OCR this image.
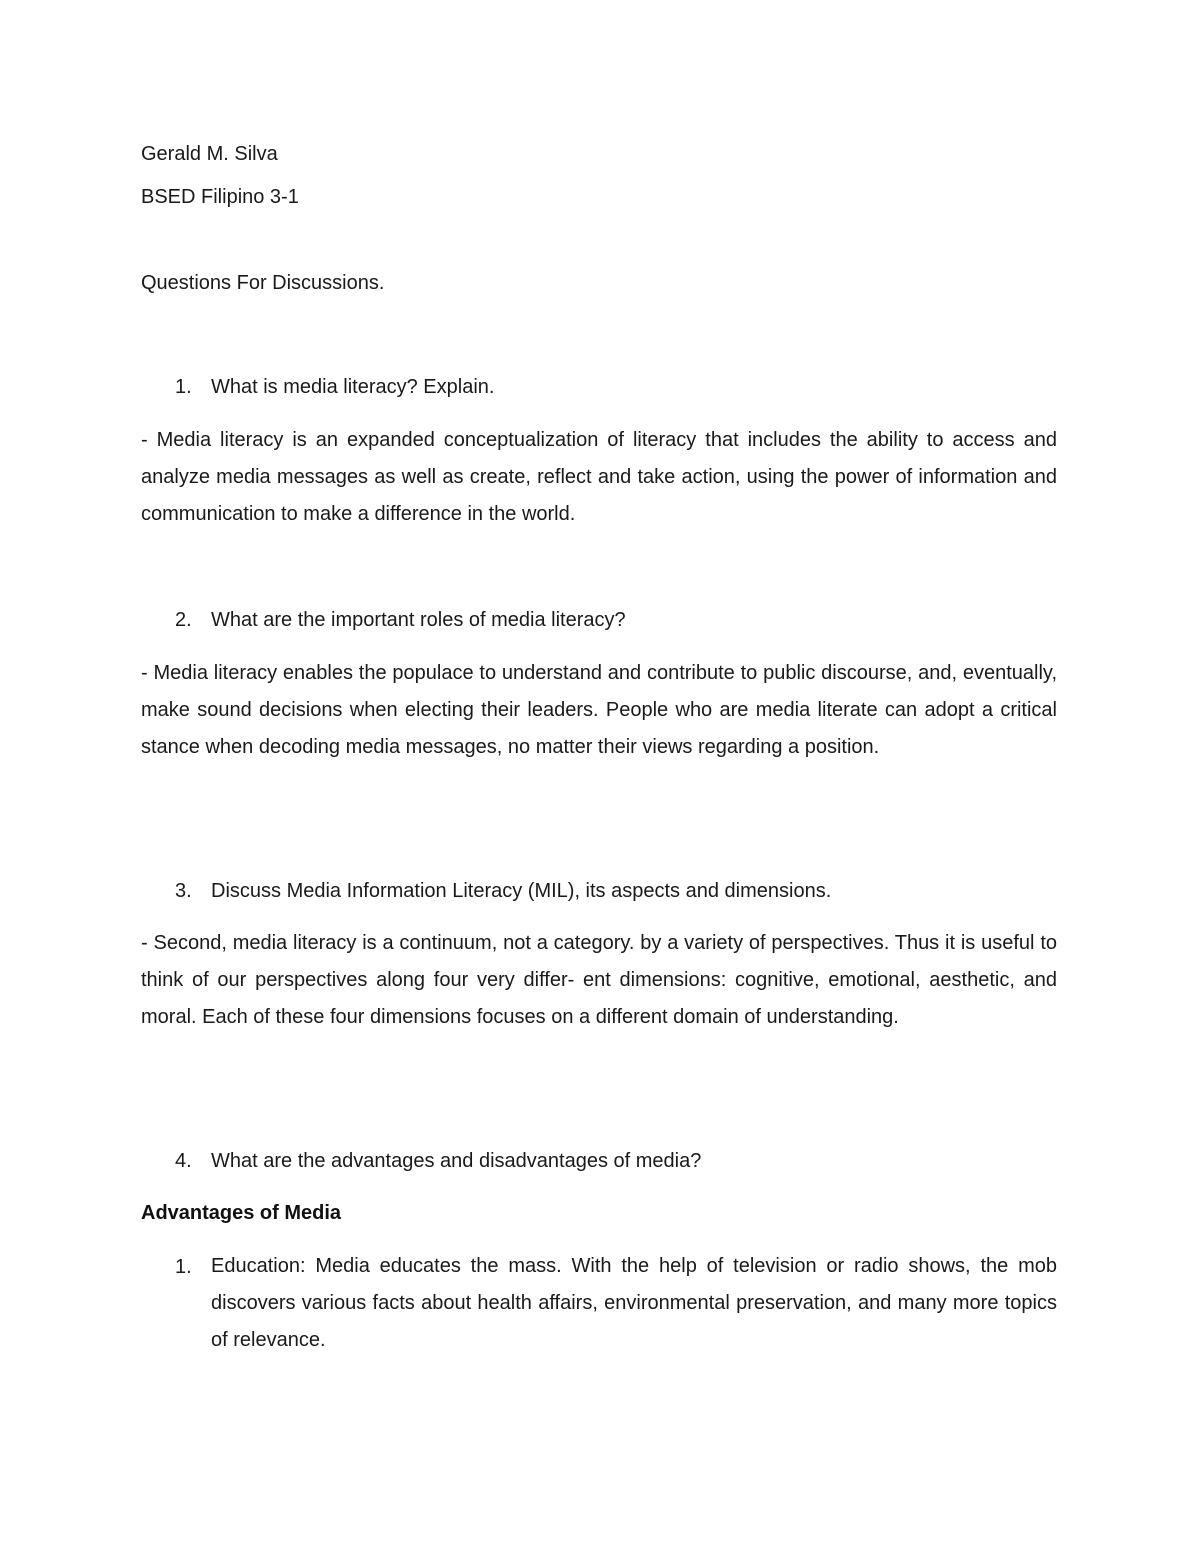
Gerald M. Silva
BSED Filipino 3-1
Questions For Discussions.
1. What is media literacy? Explain.
- Media literacy is an expanded conceptualization of literacy that includes the ability to access and analyze media messages as well as create, reflect and take action, using the power of information and communication to make a difference in the world.
2. What are the important roles of media literacy?
- Media literacy enables the populace to understand and contribute to public discourse, and, eventually, make sound decisions when electing their leaders. People who are media literate can adopt a critical stance when decoding media messages, no matter their views regarding a position.
3. Discuss Media Information Literacy (MIL), its aspects and dimensions.
- Second, media literacy is a continuum, not a category. by a variety of perspectives. Thus it is useful to think of our perspectives along four very differ- ent dimensions: cognitive, emotional, aesthetic, and moral. Each of these four dimensions focuses on a different domain of understanding.
4. What are the advantages and disadvantages of media?
Advantages of Media
1. Education: Media educates the mass. With the help of television or radio shows, the mob discovers various facts about health affairs, environmental preservation, and many more topics of relevance.
